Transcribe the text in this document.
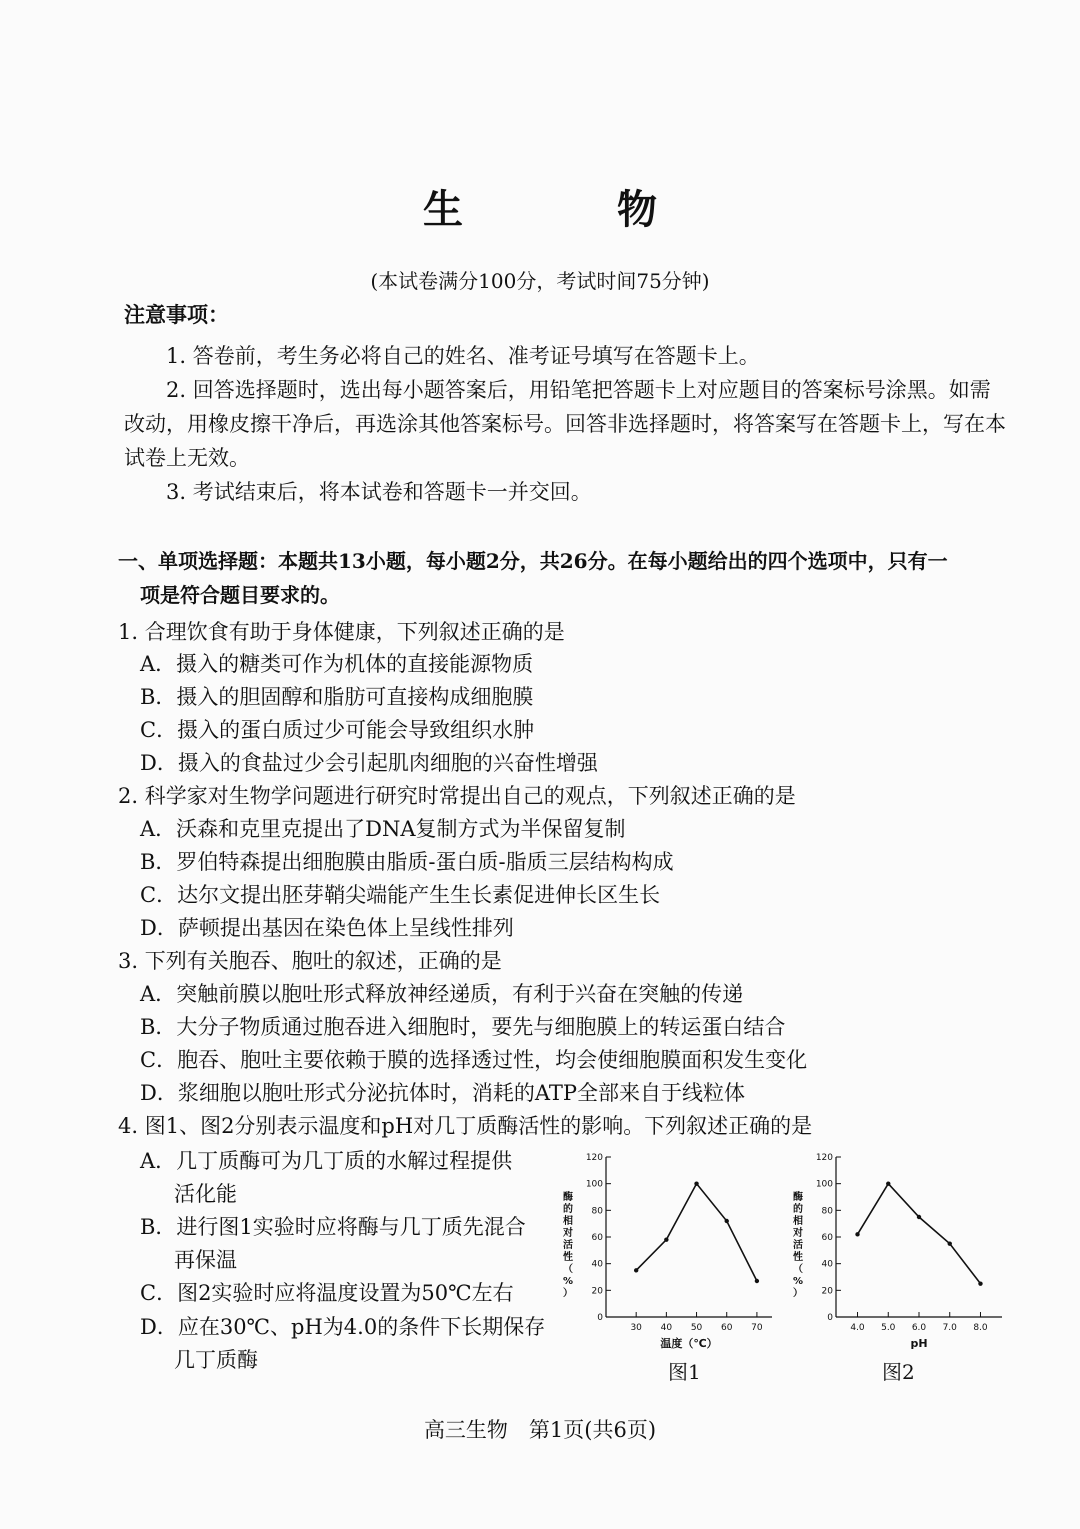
生 物
(本试卷满分100分，考试时间75分钟)
注意事项：
1. 答卷前，考生务必将自己的姓名、准考证号填写在答题卡上。
2. 回答选择题时，选出每小题答案后，用铅笔把答题卡上对应题目的答案标号涂黑。如需
改动，用橡皮擦干净后，再选涂其他答案标号。回答非选择题时，将答案写在答题卡上，写在本
试卷上无效。
3. 考试结束后，将本试卷和答题卡一并交回。
一、单项选择题：本题共13小题，每小题2分，共26分。在每小题给出的四个选项中，只有一
项是符合题目要求的。
1. 合理饮食有助于身体健康，下列叙述正确的是
A．摄入的糖类可作为机体的直接能源物质
B．摄入的胆固醇和脂肪可直接构成细胞膜
C．摄入的蛋白质过少可能会导致组织水肿
D．摄入的食盐过少会引起肌肉细胞的兴奋性增强
2. 科学家对生物学问题进行研究时常提出自己的观点，下列叙述正确的是
A．沃森和克里克提出了DNA复制方式为半保留复制
B．罗伯特森提出细胞膜由脂质-蛋白质-脂质三层结构构成
C．达尔文提出胚芽鞘尖端能产生生长素促进伸长区生长
D．萨顿提出基因在染色体上呈线性排列
3. 下列有关胞吞、胞吐的叙述，正确的是
A．突触前膜以胞吐形式释放神经递质，有利于兴奋在突触的传递
B．大分子物质通过胞吞进入细胞时，要先与细胞膜上的转运蛋白结合
C．胞吞、胞吐主要依赖于膜的选择透过性，均会使细胞膜面积发生变化
D．浆细胞以胞吐形式分泌抗体时，消耗的ATP全部来自于线粒体
4. 图1、图2分别表示温度和pH对几丁质酶活性的影响。下列叙述正确的是
A．几丁质酶可为几丁质的水解过程提供
活化能
B．进行图1实验时应将酶与几丁质先混合
再保温
C．图2实验时应将温度设置为50℃左右
D．应在30℃、pH为4.0的条件下长期保存
几丁质酶
0
20
40
60
80
100
120
30 40 50 60 70
温度（℃）
酶的相对活性（%）
0
20
40
60
80
100
120
4.0 5.0 6.0 7.0 8.0
pH
酶的相对活性（%）
图1	图2
高三生物　第1页(共6页)
